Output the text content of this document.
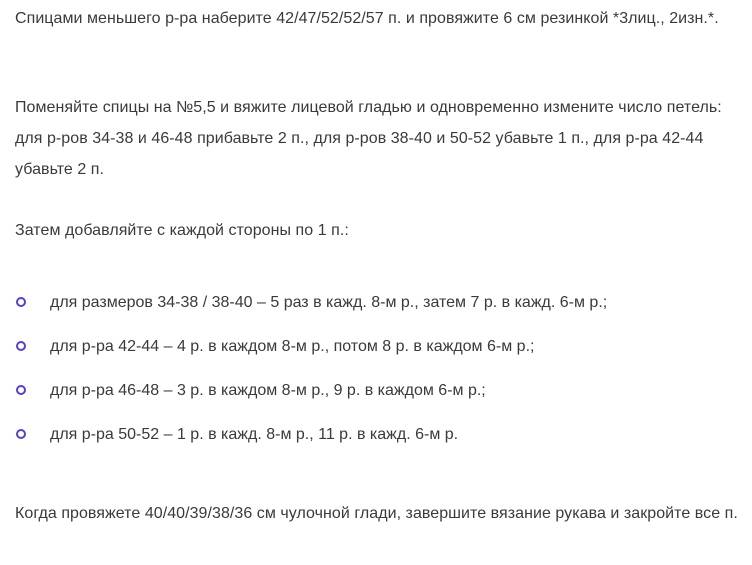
Спицами меньшего р-ра наберите 42/47/52/52/57 п. и провяжите 6 см резинкой *3лиц., 2изн.*.

Поменяйте спицы на №5,5 и вяжите лицевой гладью и одновременно измените число петель: для р-ров 34-38 и 46-48 прибавьте 2 п., для р-ров 38-40 и 50-52 убавьте 1 п., для р-ра 42-44 убавьте 2 п.

Затем добавляйте с каждой стороны по 1 п.:

для размеров 34-38 / 38-40 – 5 раз в кажд. 8-м р., затем 7 р. в кажд. 6-м р.;
для р-ра 42-44 – 4 р. в каждом 8-м р., потом 8 р. в каждом 6-м р.;
для р-ра 46-48 – 3 р. в каждом 8-м р., 9 р. в каждом 6-м р.;
для р-ра 50-52 – 1 р. в кажд. 8-м р., 11 р. в кажд. 6-м р.

Когда провяжете 40/40/39/38/36 см чулочной глади, завершите вязание рукава и закройте все п.
